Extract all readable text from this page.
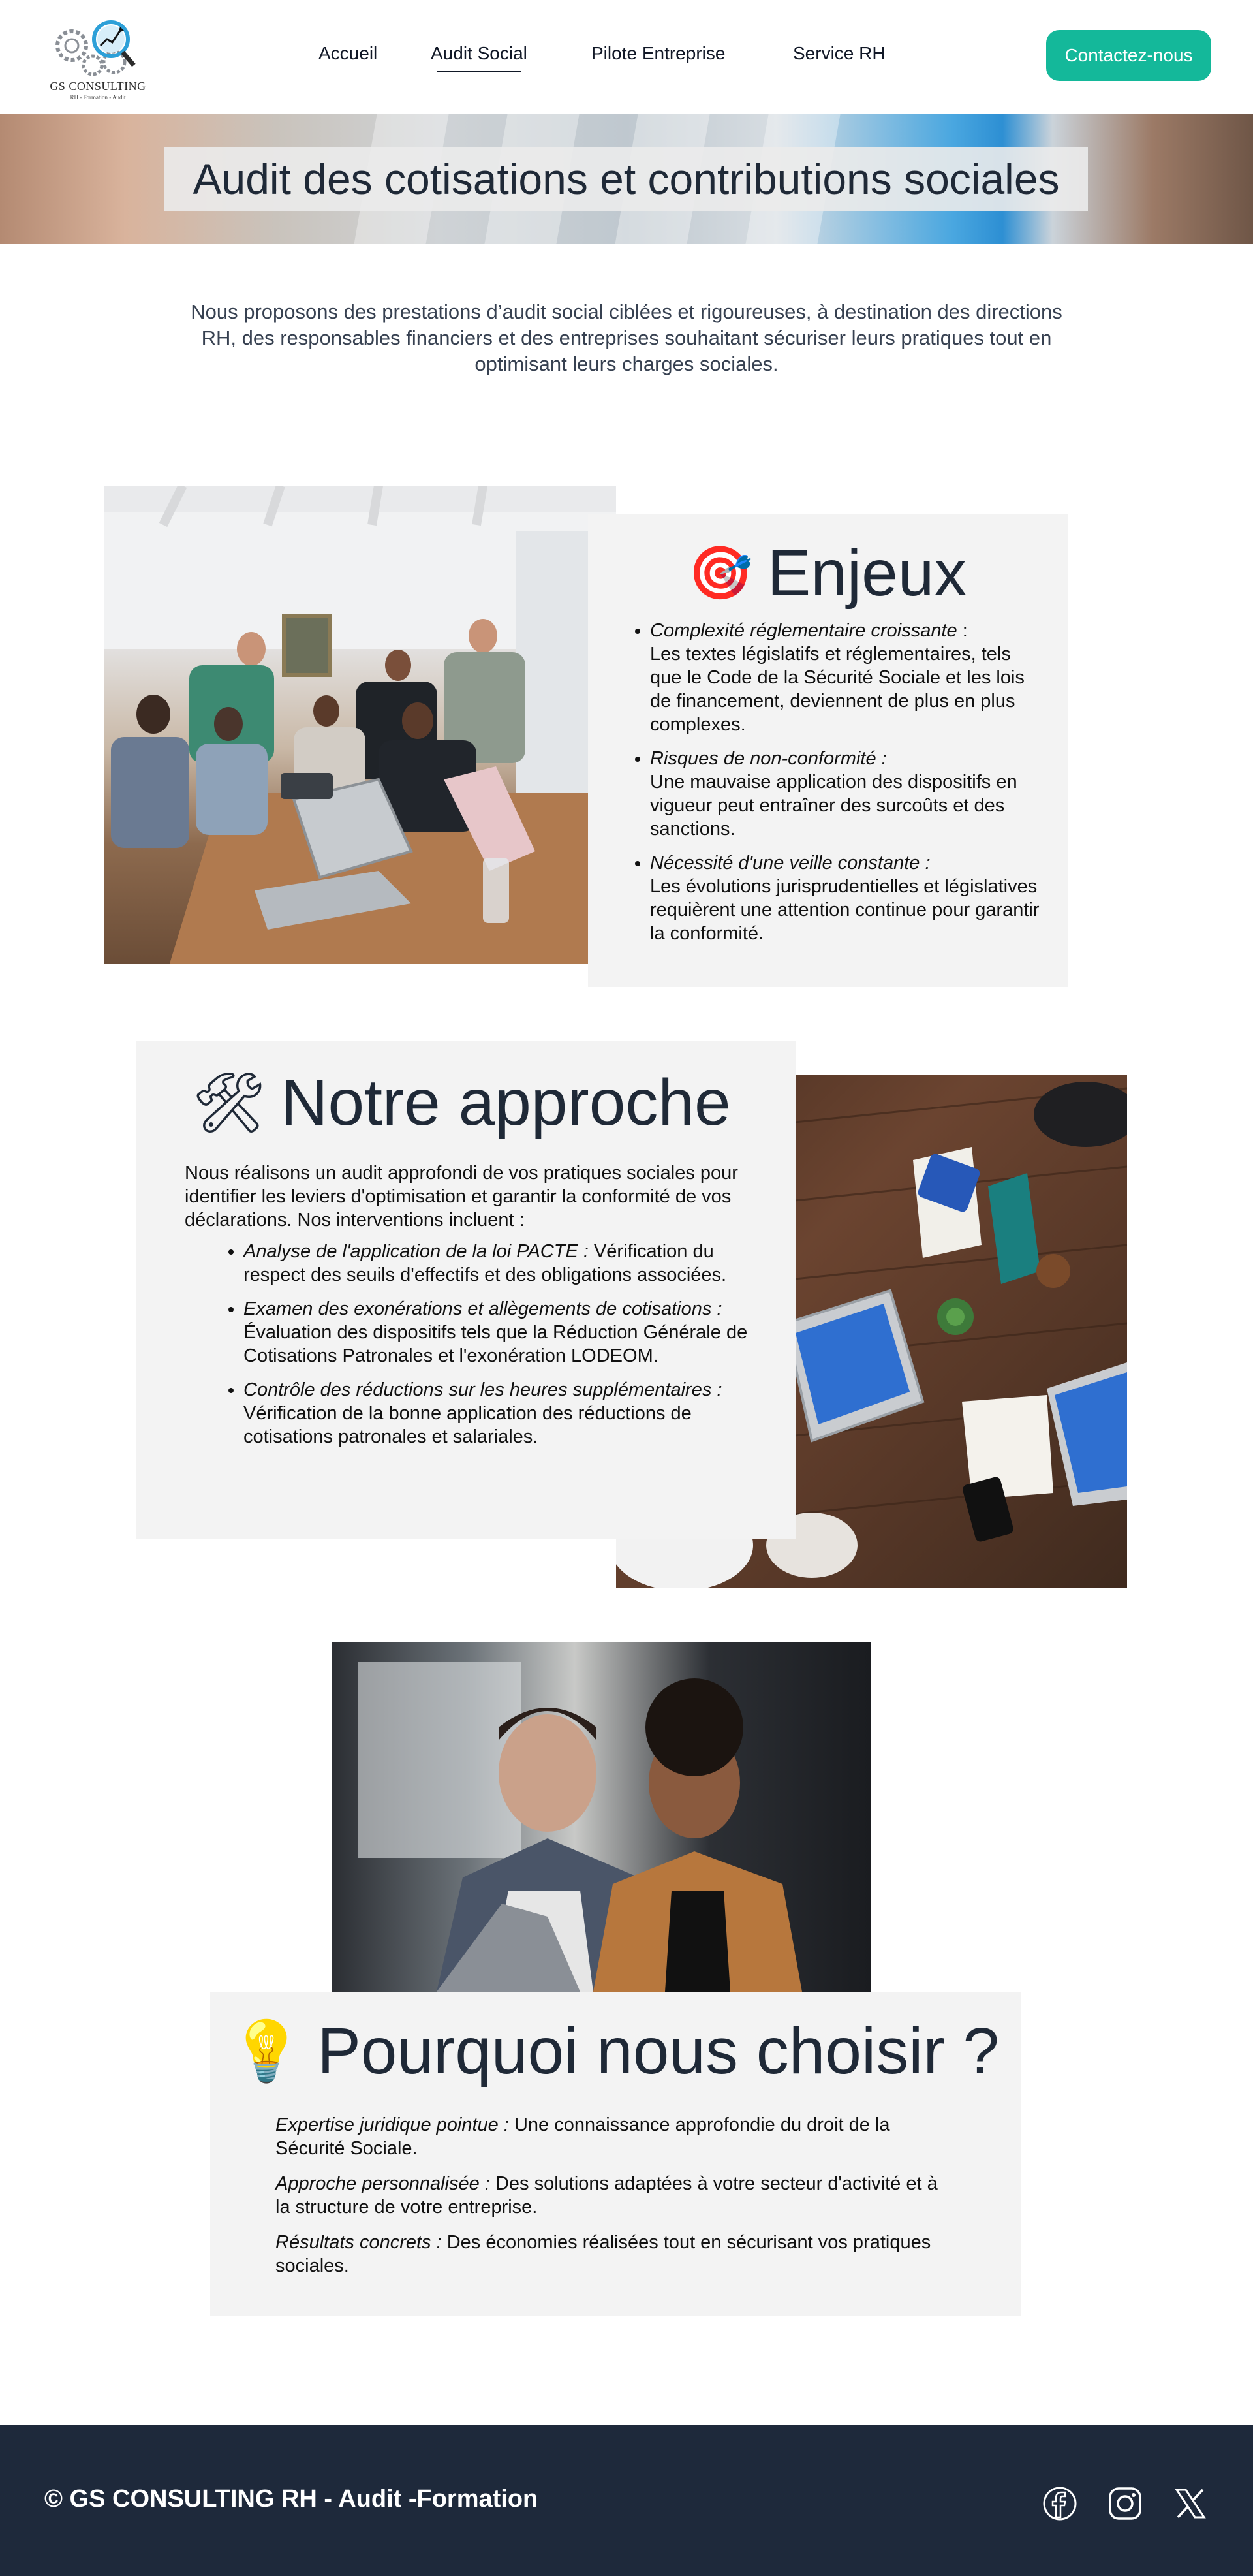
GS CONSULTING
RH - Formation - Audit
Accueil	Audit Social	Pilote Entreprise	Service RH	Contactez-nous
Audit des cotisations et contributions sociales

Nous proposons des prestations d’audit social ciblées et rigoureuses, à destination des directions RH, des responsables financiers et des entreprises souhaitant sécuriser leurs pratiques tout en optimisant leurs charges sociales.

🎯 Enjeux
• Complexité réglementaire croissante :
Les textes législatifs et réglementaires, tels que le Code de la Sécurité Sociale et les lois de financement, deviennent de plus en plus complexes.
• Risques de non-conformité :
Une mauvaise application des dispositifs en vigueur peut entraîner des surcoûts et des sanctions.
• Nécessité d'une veille constante :
Les évolutions jurisprudentielles et législatives requièrent une attention continue pour garantir la conformité.
🛠 Notre approche

Nous réalisons un audit approfondi de vos pratiques sociales pour identifier les leviers d'optimisation et garantir la conformité de vos déclarations. Nos interventions incluent :

• Analyse de l'application de la loi PACTE : Vérification du respect des seuils d'effectifs et des obligations associées.
• Examen des exonérations et allègements de cotisations : Évaluation des dispositifs tels que la Réduction Générale de Cotisations Patronales et l'exonération LODEOM.
• Contrôle des réductions sur les heures supplémentaires : Vérification de la bonne application des réductions de cotisations patronales et salariales.
💡 Pourquoi nous choisir ?
Expertise juridique pointue : Une connaissance approfondie du droit de la Sécurité Sociale.
Approche personnalisée : Des solutions adaptées à votre secteur d'activité et à la structure de votre entreprise.
Résultats concrets : Des économies réalisées tout en sécurisant vos pratiques sociales.
© GS CONSULTING RH - Audit -Formation
